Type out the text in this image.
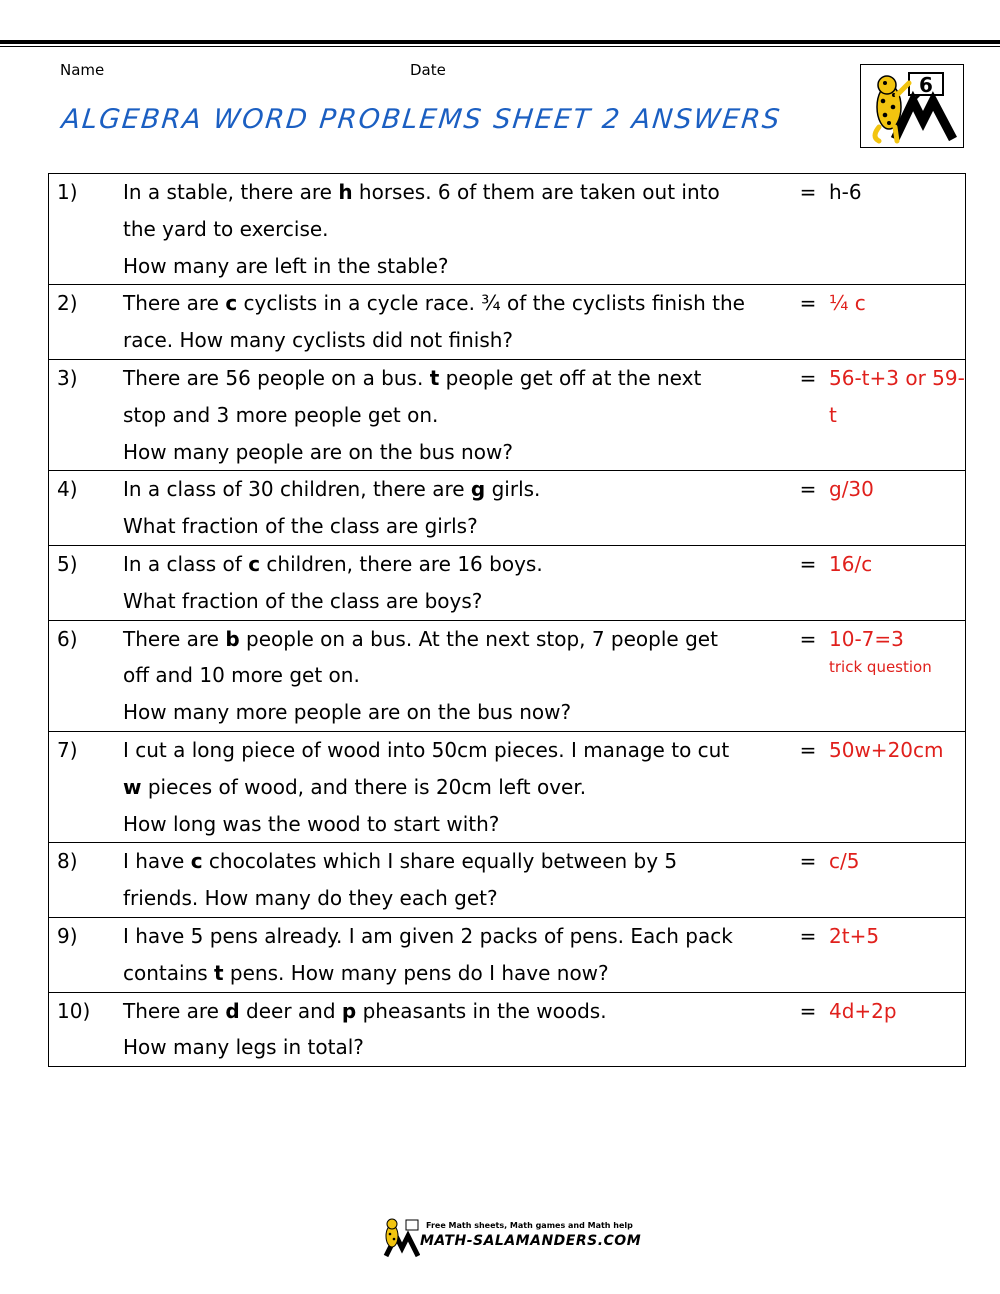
Name	Date
ALGEBRA WORD PROBLEMS SHEET 2 ANSWERS
6
1)	In a stable, there are h horses. 6 of them are taken out into
the yard to exercise.
How many are left in the stable?	=	h-6
2)	There are c cyclists in a cycle race. ¾ of the cyclists finish the
race. How many cyclists did not finish?	=	¼ c
3)	There are 56 people on a bus. t people get off at the next
stop and 3 more people get on.
How many people are on the bus now?	=	56-t+3 or 59-t
4)	In a class of 30 children, there are g girls.
What fraction of the class are girls?	=	g/30
5)	In a class of c children, there are 16 boys.
What fraction of the class are boys?	=	16/c
6)	There are b people on a bus. At the next stop, 7 people get
off and 10 more get on.
How many more people are on the bus now?	=	10-7=3
trick question

7)	I cut a long piece of wood into 50cm pieces. I manage to cut
w pieces of wood, and there is 20cm left over.
How long was the wood to start with?	=	50w+20cm
8)	I have c chocolates which I share equally between by 5
friends. How many do they each get?	=	c/5
9)	I have 5 pens already. I am given 2 packs of pens. Each pack
contains t pens. How many pens do I have now?	=	2t+5
10)	There are d deer and p pheasants in the woods.
How many legs in total?	=	4d+2p
Free Math sheets, Math games and Math help
MATH-SALAMANDERS.COM
